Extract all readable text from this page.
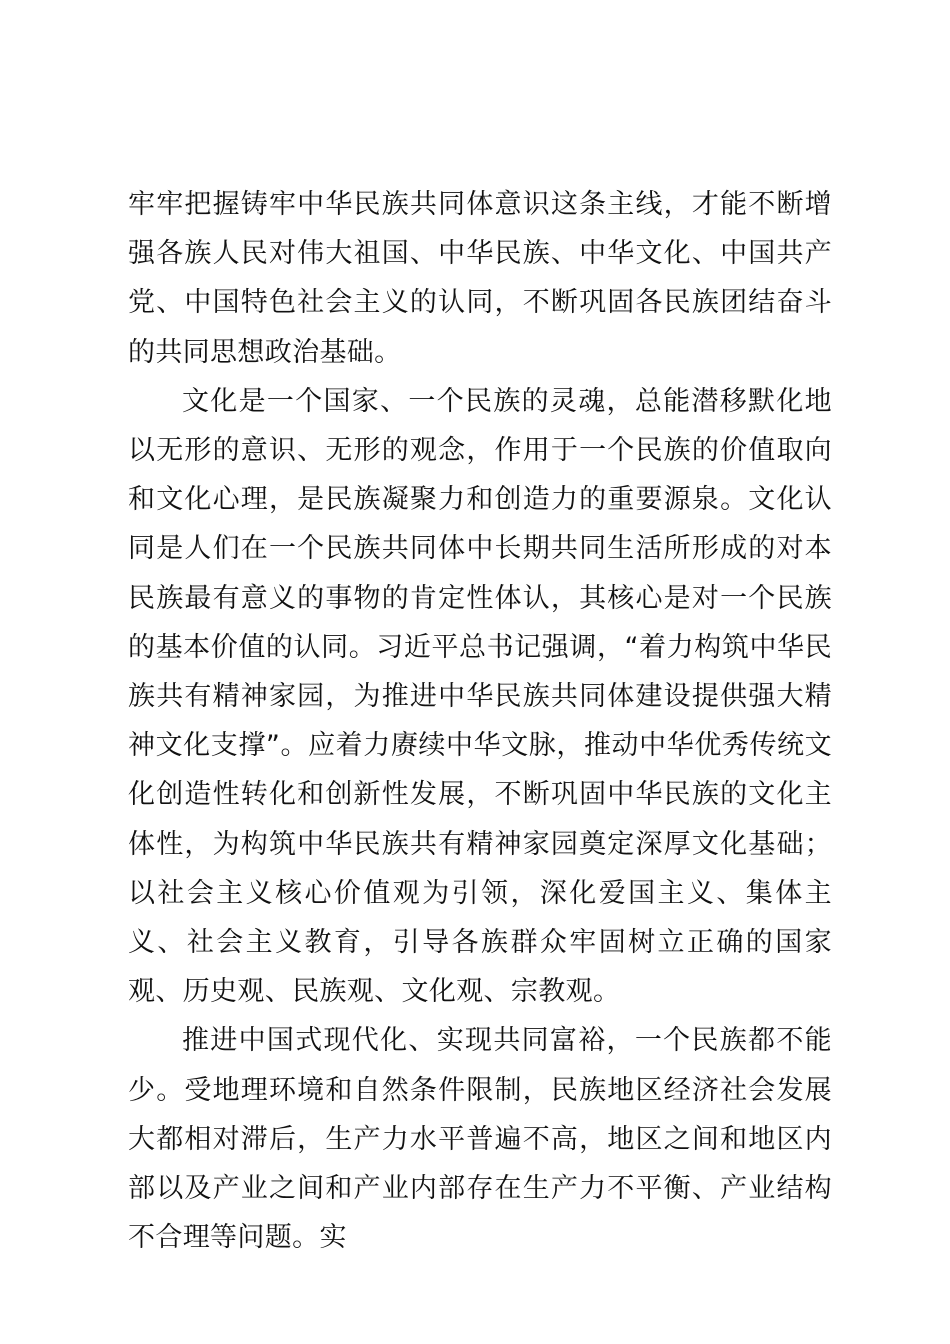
牢牢把握铸牢中华民族共同体意识这条主线，才能不断增强各族人民对伟大祖国、中华民族、中华文化、中国共产党、中国特色社会主义的认同，不断巩固各民族团结奋斗的共同思想政治基础。

文化是一个国家、一个民族的灵魂，总能潜移默化地以无形的意识、无形的观念，作用于一个民族的价值取向和文化心理，是民族凝聚力和创造力的重要源泉。文化认同是人们在一个民族共同体中长期共同生活所形成的对本民族最有意义的事物的肯定性体认，其核心是对一个民族的基本价值的认同。习近平总书记强调，“着力构筑中华民族共有精神家园，为推进中华民族共同体建设提供强大精神文化支撑”。应着力赓续中华文脉，推动中华优秀传统文化创造性转化和创新性发展，不断巩固中华民族的文化主体性，为构筑中华民族共有精神家园奠定深厚文化基础；以社会主义核心价值观为引领，深化爱国主义、集体主义、社会主义教育，引导各族群众牢固树立正确的国家观、历史观、民族观、文化观、宗教观。

推进中国式现代化、实现共同富裕，一个民族都不能少。受地理环境和自然条件限制，民族地区经济社会发展大都相对滞后，生产力水平普遍不高，地区之间和地区内部以及产业之间和产业内部存在生产力不平衡、产业结构不合理等问题。实
